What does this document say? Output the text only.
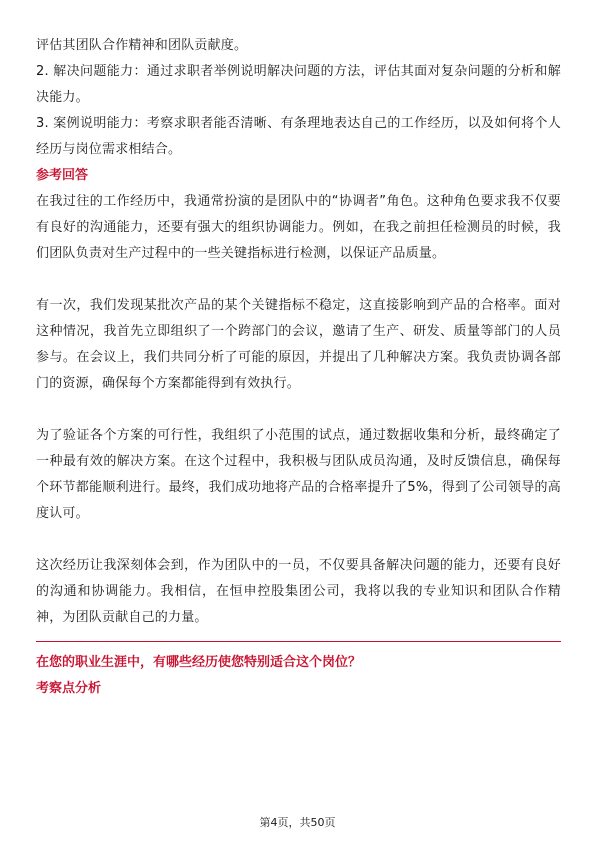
评估其团队合作精神和团队贡献度。

2. 解决问题能力：通过求职者举例说明解决问题的方法，评估其面对复杂问题的分析和解决能力。

3. 案例说明能力：考察求职者能否清晰、有条理地表达自己的工作经历，以及如何将个人经历与岗位需求相结合。

参考回答

在我过往的工作经历中，我通常扮演的是团队中的“协调者”角色。这种角色要求我不仅要有良好的沟通能力，还要有强大的组织协调能力。例如，在我之前担任检测员的时候，我们团队负责对生产过程中的一些关键指标进行检测，以保证产品质量。

有一次，我们发现某批次产品的某个关键指标不稳定，这直接影响到产品的合格率。面对这种情况，我首先立即组织了一个跨部门的会议，邀请了生产、研发、质量等部门的人员参与。在会议上，我们共同分析了可能的原因，并提出了几种解决方案。我负责协调各部门的资源，确保每个方案都能得到有效执行。

为了验证各个方案的可行性，我组织了小范围的试点，通过数据收集和分析，最终确定了一种最有效的解决方案。在这个过程中，我积极与团队成员沟通，及时反馈信息，确保每个环节都能顺利进行。最终，我们成功地将产品的合格率提升了5%，得到了公司领导的高度认可。

这次经历让我深刻体会到，作为团队中的一员，不仅要具备解决问题的能力，还要有良好的沟通和协调能力。我相信，在恒申控股集团公司，我将以我的专业知识和团队合作精神，为团队贡献自己的力量。

在您的职业生涯中，有哪些经历使您特别适合这个岗位？

考察点分析

第4页，共50页
